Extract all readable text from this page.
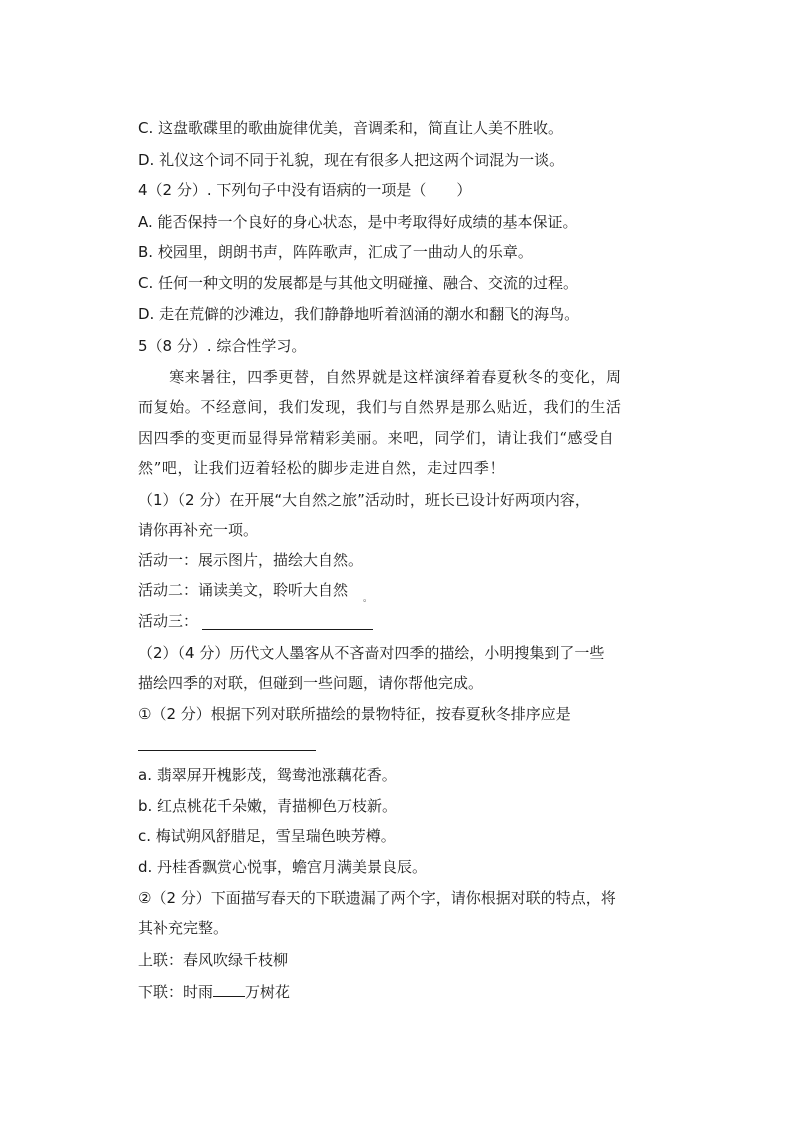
C. 这盘歌碟里的歌曲旋律优美，音调柔和，简直让人美不胜收。
D. 礼仪这个词不同于礼貌，现在有很多人把这两个词混为一谈。
4（2 分）. 下列句子中没有语病的一项是（　　）
A. 能否保持一个良好的身心状态，是中考取得好成绩的基本保证。
B. 校园里，朗朗书声，阵阵歌声，汇成了一曲动人的乐章。
C. 任何一种文明的发展都是与其他文明碰撞、融合、交流的过程。
D. 走在荒僻的沙滩边，我们静静地听着汹涌的潮水和翻飞的海鸟。
5（8 分）. 综合性学习。
　　寒来暑往，四季更替，自然界就是这样演绎着春夏秋冬的变化，周
而复始。不经意间，我们发现，我们与自然界是那么贴近，我们的生活
因四季的变更而显得异常精彩美丽。来吧，同学们，请让我们“感受自
然”吧，让我们迈着轻松的脚步走进自然，走过四季！
（1）（2 分）在开展“大自然之旅”活动时，班长已设计好两项内容，
请你再补充一项。
活动一：展示图片，描绘大自然。
活动二：诵读美文，聆听大自然 。
活动三：
（2）（4 分）历代文人墨客从不吝啬对四季的描绘，小明搜集到了一些
描绘四季的对联，但碰到一些问题，请你帮他完成。
①（2 分）根据下列对联所描绘的景物特征，按春夏秋冬排序应是
a. 翡翠屏开槐影茂，鸳鸯池涨藕花香。
b. 红点桃花千朵嫩，青描柳色万枝新。
c. 梅试朔风舒腊足，雪呈瑞色映芳樽。
d. 丹桂香飘赏心悦事，蟾宫月满美景良辰。
②（2 分）下面描写春天的下联遗漏了两个字，请你根据对联的特点，将
其补充完整。
上联：春风吹绿千枝柳
下联：时雨 万树花
